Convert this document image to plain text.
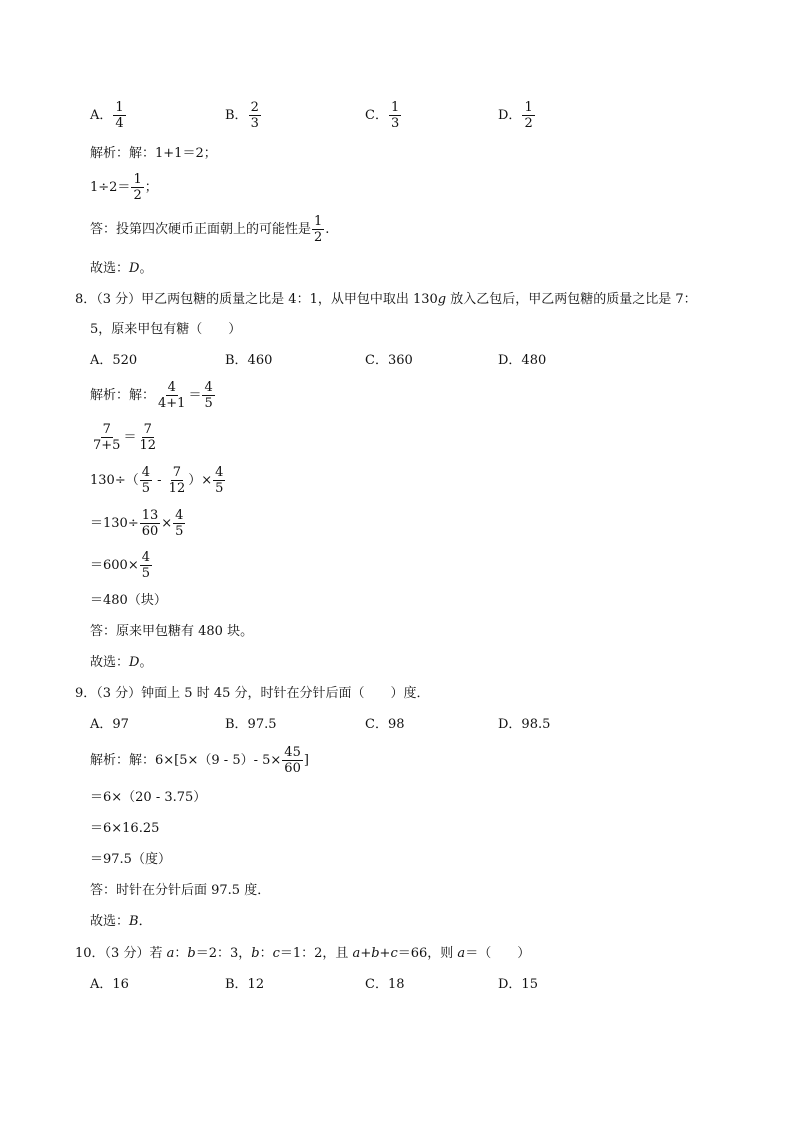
A． $\frac{1}{4}$	B． $\frac{2}{3}$	C． $\frac{1}{3}$	D． $\frac{1}{2}$
解析：解：1+1＝2；
$1\div 2= \frac{1}{2}$ ；
答：投第四次硬币正面朝上的可能性是 $\frac{1}{2}$ .
故选：D。
8．（3 分）甲乙两包糖的质量之比是 4：1，从甲包中取出 130g 放入乙包后，甲乙两包糖的质量之比是 7：
5，原来甲包有糖（　　）
A．520	B．460	C．360	D．480
解析：解： $\frac{4}{4+1} = \frac{4}{5}$
$\frac{7}{7+5} = \frac{7}{12}$
$130\div( \frac{4}{5} - \frac{7}{12}$ ）× $\frac{4}{5}$
$=130\div \frac{13}{60} \times \frac{4}{5}$
$=600\times \frac{4}{5}$
＝480（块）
答：原来甲包糖有 480 块。
故选：D。
9．（3 分）钟面上 5 时 45 分，时针在分针后面（　　）度．
A．97	B．97.5	C．98	D．98.5
解析：解：6×[5×（9 - 5）- $5\times \frac{45}{60}$ ]
＝6×（20 - 3.75）
＝6×16.25
＝97.5（度）
答：时针在分针后面 97.5 度．
故选：B．
10．（3 分）若 a：b＝2：3，b：c＝1：2，且 a+b+c＝66，则 a＝（　　）
A．16	B．12	C．18	D．15
